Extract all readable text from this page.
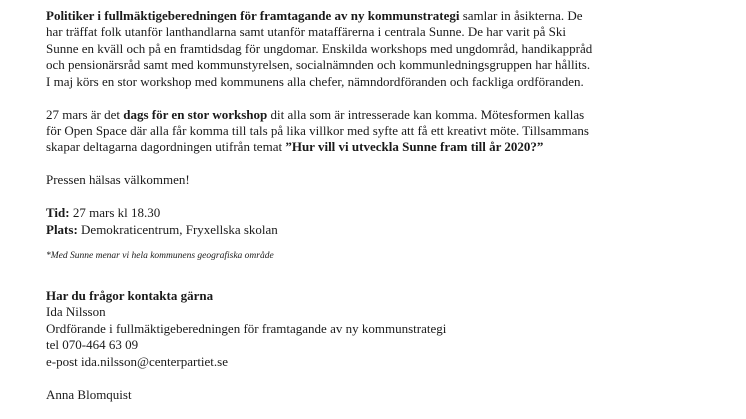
Politiker i fullmäktigeberedningen för framtagande av ny kommunstrategi samlar in åsikterna. De
har träffat folk utanför lanthandlarna samt utanför mataffärerna i centrala Sunne. De har varit på Ski
Sunne en kväll och på en framtidsdag för ungdomar. Enskilda workshops med ungdområd, handikappråd
och pensionärsråd samt med kommunstyrelsen, socialnämnden och kommunledningsgruppen har hållits.
I maj körs en stor workshop med kommunens alla chefer, nämndordföranden och fackliga ordföranden.

27 mars är det dags för en stor workshop dit alla som är intresserade kan komma. Mötesformen kallas
för Open Space där alla får komma till tals på lika villkor med syfte att få ett kreativt möte. Tillsammans
skapar deltagarna dagordningen utifrån temat ”Hur vill vi utveckla Sunne fram till år 2020?”

Pressen hälsas välkommen!

Tid: 27 mars kl 18.30
Plats: Demokraticentrum, Fryxellska skolan

*Med Sunne menar vi hela kommunens geografiska område

Har du frågor kontakta gärna
Ida Nilsson
Ordförande i fullmäktigeberedningen för framtagande av ny kommunstrategi
tel 070-464 63 09
e-post ida.nilsson@centerpartiet.se

Anna Blomquist
